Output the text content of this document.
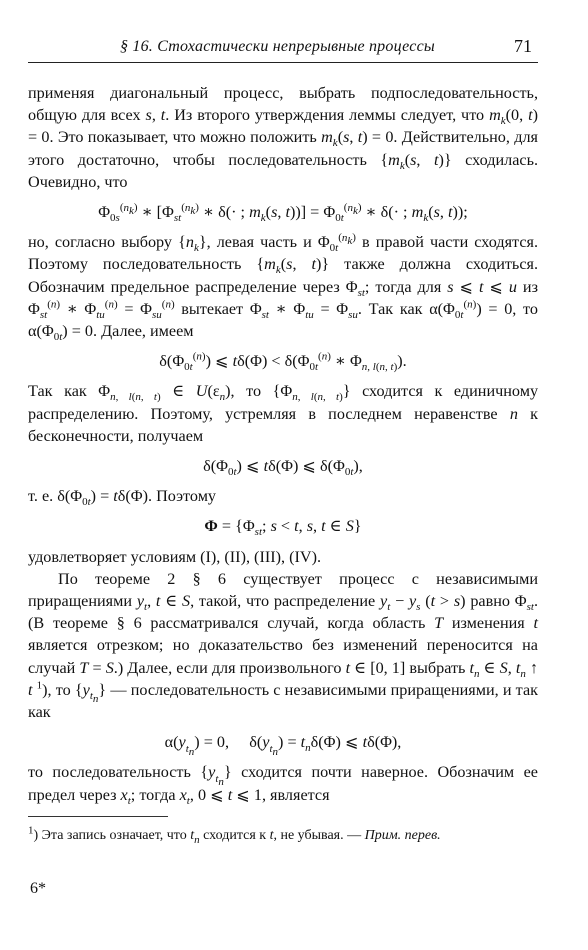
§ 16. Стохастически непрерывные процессы	71

применяя диагональный процесс, выбрать подпоследовательность, общую для всех s, t. Из второго утверждения леммы следует, что $m_k(0$, t) = 0. Это показывает, что можно положить $m_k(s$, t) = 0. Действительно, для этого достаточно, чтобы последовательность {$m_k(s$, t)} сходилась. Очевидно, что

$\Phi_{0s}^{(n_k)}$ ∗ [$\Phi_{st}^{(n_k)}$ ∗ δ(· ; $m_k(s$, $t))] = \Phi_{0t}^{(n_k)}$ ∗ δ(· ; $m_k(s$, t));

но, согласно выбору $\{n_k\}$, левая часть и $\Phi_{0t}^{(n_k)}$ в правой части сходятся. Поэтому последовательность {$m_k(s$, t)} также должна сходиться. Обозначим предельное распределение через $\Phi_{st}$; тогда для s ⩽ t ⩽ u из $\Phi_{st}^{(n)}$ ∗ $\Phi_{tu}^{(n)} = \Phi_{su}^{(n)}$ вытекает $\Phi_{st}$ ∗ $\Phi_{tu} = \Phi_{su}$. Так как $\alpha(\Phi_{0t}^{(n)}) = 0$, то $\alpha(\Phi_{0t}) = 0$. Далее, имеем

$\delta(\Phi_{0t}^{(n)})$ ⩽ $t\delta(\Phi) < \delta(\Phi_{0t}^{(n)}$ ∗ $\Phi_{n, l(n, t)}$).

Так как $\Phi_{n, l(n, t)}$ ∈ $U(\varepsilon_n)$, то $\{\Phi_{n, l(n, t)}\}$ сходится к единичному распределению. Поэтому, устремляя в последнем неравенстве n к бесконечности, получаем

$\delta(\Phi_{0t})$ ⩽ tδ(Φ) ⩽ $\delta(\Phi_{0t})$,

т. е. $\delta(\Phi_{0t}) = t\delta(\Phi)$. Поэтому

$\Phi = \{\Phi_{st}$; s < t, s, t ∈ S}

удовлетворяет условиям (I), (II), (III), (IV).

По теореме 2 § 6 существует процесс с независимыми приращениями $y_t$, t ∈ S, такой, что распределение $y_t - y_s$ (t > s) равно $\Phi_{st}$. (В теореме § 6 рассматривался случай, когда область T изменения t является отрезком; но доказательство без изменений переносится на случай T = S.) Далее, если для произвольного t ∈ [0, 1] выбрать $t_n$ ∈ S, $t_n$ ↑ t $^1$), то $\{y_{t_n}\}$ — последовательность с независимыми приращениями, и так как

$\alpha(y_{t_n}) = 0$,     $\delta(y_{t_n}) = t_n\delta(\Phi)$ ⩽ tδ(Φ),

то последовательность $\{y_{t_n}\}$ сходится почти наверное. Обозначим ее предел через $x_t$; тогда $x_t$, 0 ⩽ t ⩽ 1, является

$^1$) Эта запись означает, что $t_n$ сходится к t, не убывая. — Прим. перев.
6*
